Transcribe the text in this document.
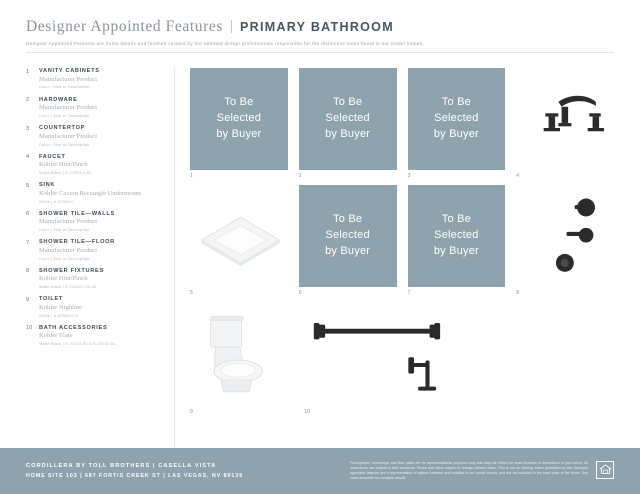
Designer Appointed Features | PRIMARY BATHROOM
Designer Appointed Features are home details and finishes curated by the talented design professionals responsible for the distinctive looks found in our model homes.
1	VANITY CABINETS
Manufacturer Product
Color | Size or Description
2	HARDWARE
Manufacturer Product
Color | Size or Description
3	COUNTERTOP
Manufacturer Product
Color | Size or Description
4	FAUCET
Kohler Hint/Pinch
Matte Black | K-27893-4-BL
5	SINK
Kohler Caxton Rectangle Undermount
White | K-20000-0
6	SHOWER TILE—WALLS
Manufacturer Product
Color | Size or Description
7	SHOWER TILE—FLOOR
Manufacturer Product
Color | Size or Description
8	SHOWER FIXTURES
Kohler Hint/Pinch
Matte Black | K-T28107-4D-BL
9	TOILET
Kohler Highline
White | K-4298410-0
10	BATH ACCESSORIES
Kohler Elate
Matte Black | K-27093-BL & K-27287-BL
To Be
Selected
by Buyer
1
To Be
Selected
by Buyer
2
To Be
Selected
by Buyer
3	4
5
To Be
Selected
by Buyer
6
To Be
Selected
by Buyer
7	8
9	10
CORDILLERA BY TOLL BROTHERS | CASELLA VISTA
HOME SITE 103 | 687 FORTIS CREEK ST | LAS VEGAS, NV 89139
Photographs, renderings, and floor plans are for representational purposes only and may not reflect the exact features or dimensions of your home. All dimensions are subject to field variations. Prices and offers subject to change without notice. This is not an offering where prohibited by law. Designer appointed features are a representation of options selected and installed in our model homes, and are not included in the base price of the home. See sales associate for complete details.
